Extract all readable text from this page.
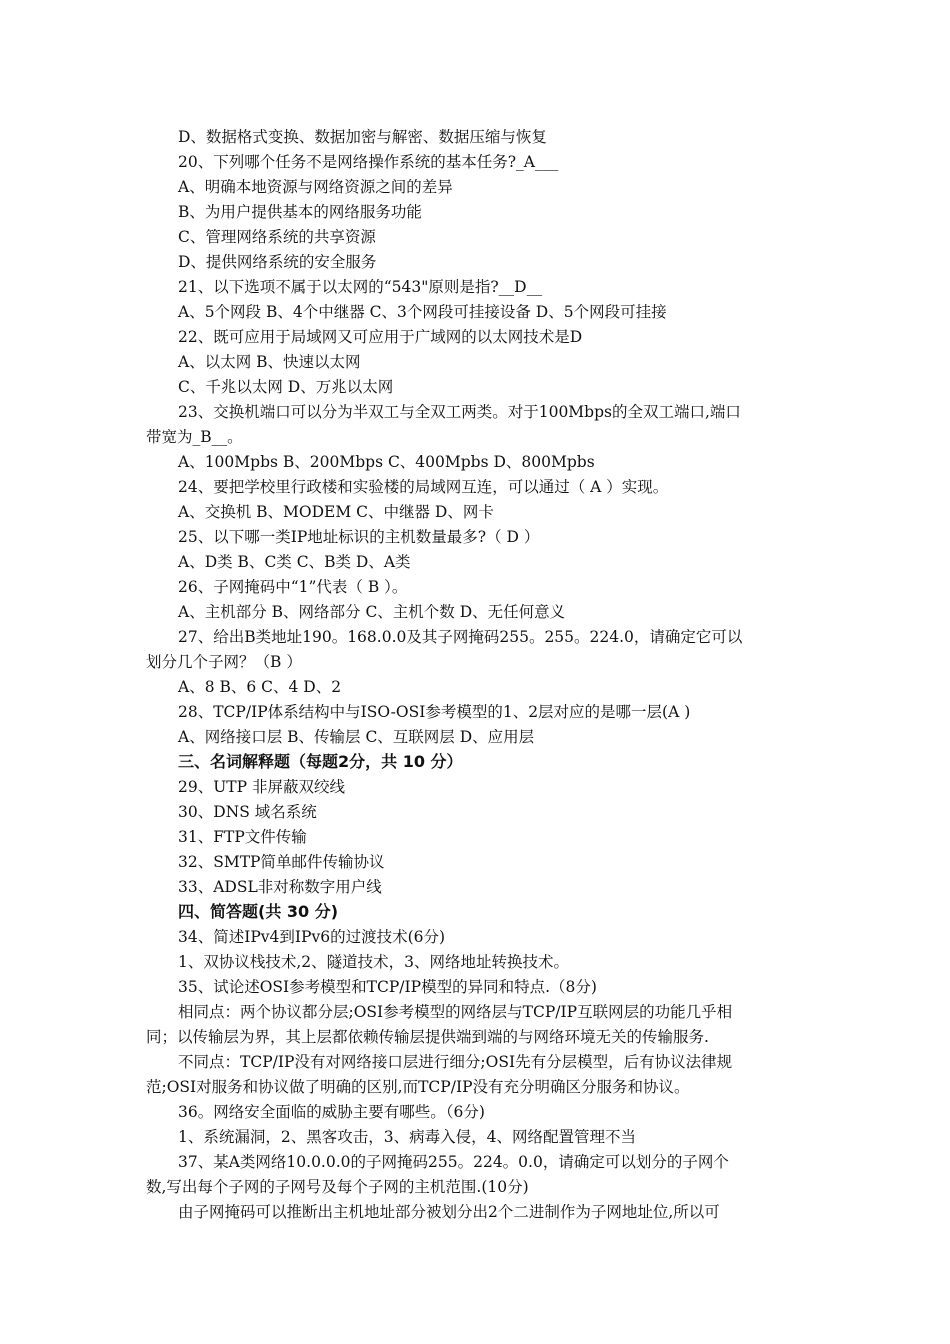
D、数据格式变换、数据加密与解密、数据压缩与恢复
20、下列哪个任务不是网络操作系统的基本任务?_A___
A、明确本地资源与网络资源之间的差异
B、为用户提供基本的网络服务功能
C、管理网络系统的共享资源
D、提供网络系统的安全服务
21、以下选项不属于以太网的“543"原则是指?__D__
A、5个网段 B、4个中继器 C、3个网段可挂接设备 D、5个网段可挂接
22、既可应用于局域网又可应用于广域网的以太网技术是D
A、以太网 B、快速以太网
C、千兆以太网 D、万兆以太网
23、交换机端口可以分为半双工与全双工两类。对于100Mbps的全双工端口,端口
带宽为_B__。
A、100Mpbs B、200Mbps C、400Mpbs D、800Mpbs
24、要把学校里行政楼和实验楼的局域网互连，可以通过（ A ）实现。
A、交换机 B、MODEM C、中继器 D、网卡
25、以下哪一类IP地址标识的主机数量最多?（ D ）
A、D类 B、C类 C、B类 D、A类
26、子网掩码中“1”代表（ B ）。
A、主机部分 B、网络部分 C、主机个数 D、无任何意义
27、给出B类地址190。168.0.0及其子网掩码255。255。224.0，请确定它可以
划分几个子网？（B ）
A、8 B、6 C、4 D、2
28、TCP/IP体系结构中与ISO-OSI参考模型的1、2层对应的是哪一层(A )
A、网络接口层 B、传输层 C、互联网层 D、应用层
三、名词解释题（每题2分，共 10 分）
29、UTP 非屏蔽双绞线
30、DNS 域名系统
31、FTP文件传输
32、SMTP简单邮件传输协议
33、ADSL非对称数字用户线
四、简答题(共 30 分)
34、简述IPv4到IPv6的过渡技术(6分)
1、双协议栈技术,2、隧道技术，3、网络地址转换技术。
35、试论述OSI参考模型和TCP/IP模型的异同和特点.（8分)
相同点：两个协议都分层;OSI参考模型的网络层与TCP/IP互联网层的功能几乎相
同；以传输层为界，其上层都依赖传输层提供端到端的与网络环境无关的传输服务.
不同点：TCP/IP没有对网络接口层进行细分;OSI先有分层模型，后有协议法律规
范;OSI对服务和协议做了明确的区别,而TCP/IP没有充分明确区分服务和协议。
36。网络安全面临的威胁主要有哪些。（6分)
1、系统漏洞，2、黑客攻击，3、病毒入侵，4、网络配置管理不当
37、某A类网络10.0.0.0的子网掩码255。224。0.0，请确定可以划分的子网个
数,写出每个子网的子网号及每个子网的主机范围.(10分)
由子网掩码可以推断出主机地址部分被划分出2个二进制作为子网地址位,所以可
